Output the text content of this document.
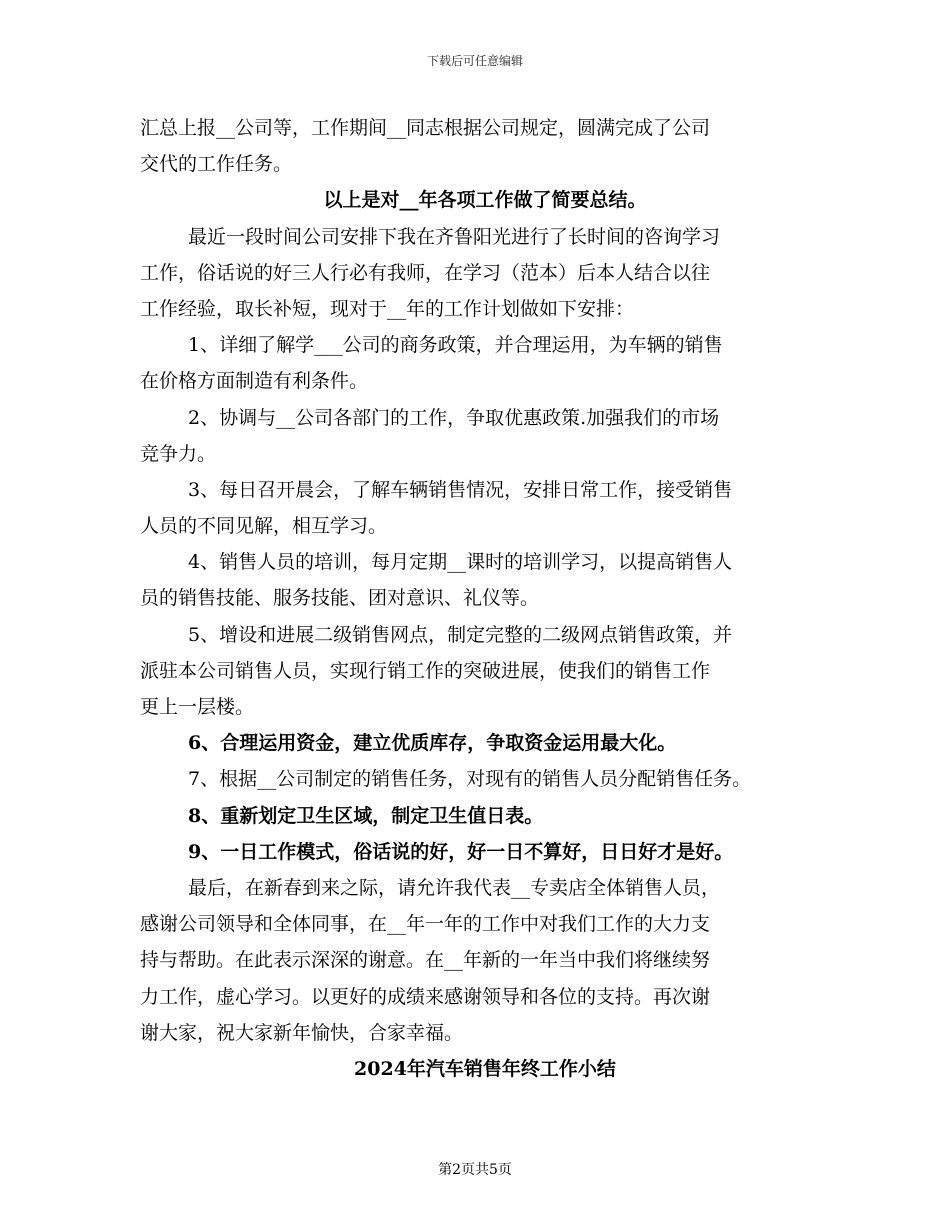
下载后可任意编辑
汇总上报__公司等，工作期间__同志根据公司规定，圆满完成了公司
交代的工作任务。
以上是对__年各项工作做了简要总结。
最近一段时间公司安排下我在齐鲁阳光进行了长时间的咨询学习
工作，俗话说的好三人行必有我师，在学习（范本）后本人结合以往
工作经验，取长补短，现对于__年的工作计划做如下安排：
1、详细了解学___公司的商务政策，并合理运用，为车辆的销售
在价格方面制造有利条件。
2、协调与__公司各部门的工作，争取优惠政策.加强我们的市场
竞争力。
3、每日召开晨会，了解车辆销售情况，安排日常工作，接受销售
人员的不同见解，相互学习。
4、销售人员的培训，每月定期__课时的培训学习，以提高销售人
员的销售技能、服务技能、团对意识、礼仪等。
5、增设和进展二级销售网点，制定完整的二级网点销售政策，并
派驻本公司销售人员，实现行销工作的突破进展，使我们的销售工作
更上一层楼。
6、合理运用资金，建立优质库存，争取资金运用最大化。
7、根据__公司制定的销售任务，对现有的销售人员分配销售任务。
8、重新划定卫生区域，制定卫生值日表。
9、一日工作模式，俗话说的好，好一日不算好，日日好才是好。
最后，在新春到来之际，请允许我代表__专卖店全体销售人员，
感谢公司领导和全体同事，在__年一年的工作中对我们工作的大力支
持与帮助。在此表示深深的谢意。在__年新的一年当中我们将继续努
力工作，虚心学习。以更好的成绩来感谢领导和各位的支持。再次谢
谢大家，祝大家新年愉快，合家幸福。
2024年汽车销售年终工作小结
第2页共5页
